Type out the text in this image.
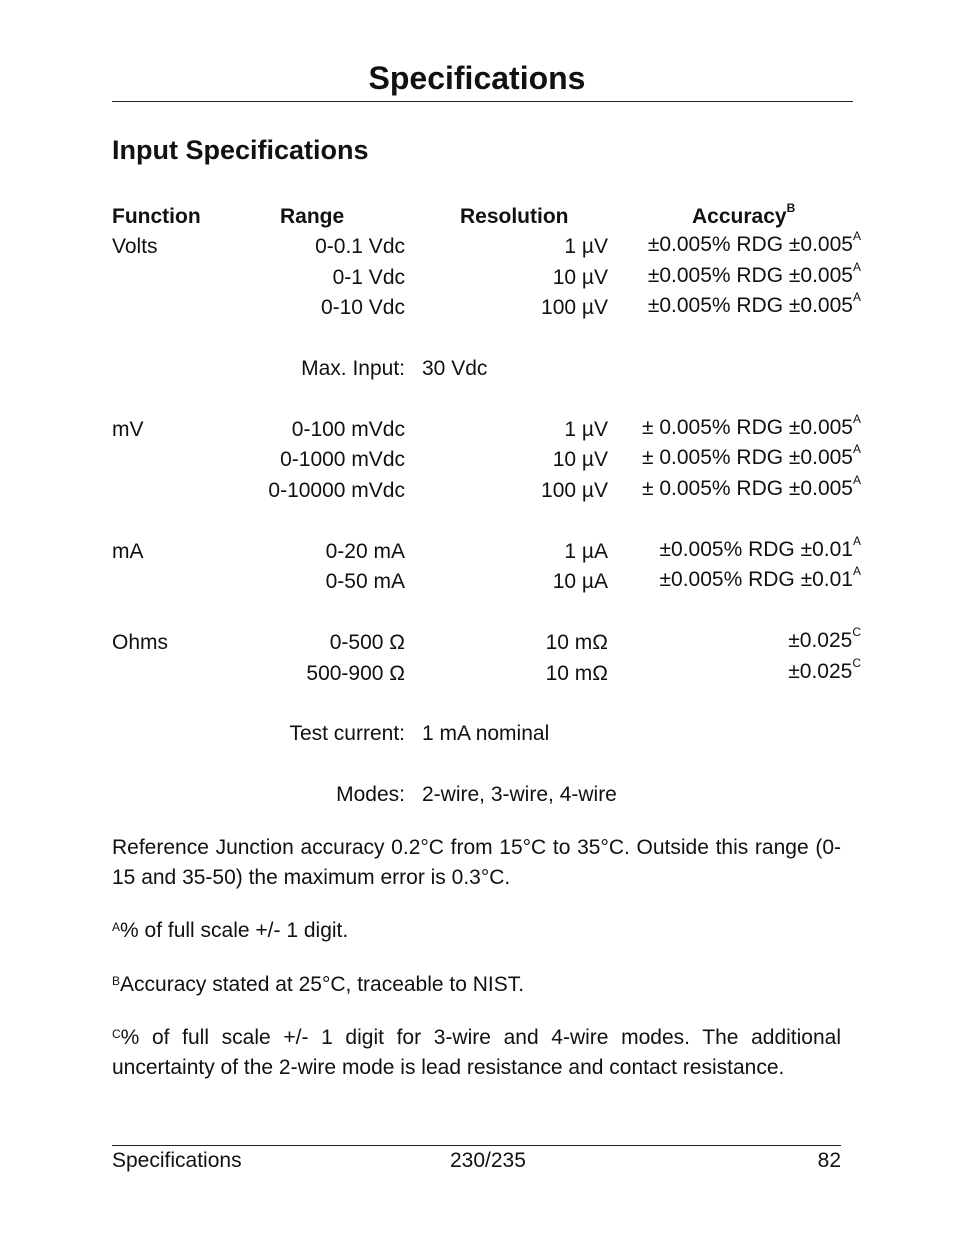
Specifications
Input Specifications
Function	Range	Resolution	Accuracy$^B$
Volts	0-0.1 Vdc	1 µV	±0.005% RDG $\pm 0.005^A$
0-1 Vdc	10 µV	±0.005% RDG $\pm 0.005^A$
0-10 Vdc	100 µV	±0.005% RDG $\pm 0.005^A$
Max. Input: 30 Vdc
mV	0-100 mVdc	1 µV	± 0.005% RDG $\pm 0.005^A$
0-1000 mVdc	10 µV	± 0.005% RDG $\pm 0.005^A$
0-10000 mVdc	100 µV	± 0.005% RDG $\pm 0.005^A$
mA	0-20 mA	1 µA	±0.005% RDG $\pm 0.01^A$
0-50 mA	10 µA	±0.005% RDG $\pm 0.01^A$
Ohms	0-500 Ω	10 mΩ	$\pm 0.025^C$
500-900 Ω	10 mΩ	$\pm 0.025^C$
Test current: 1 mA nominal
Modes: 2-wire, 3-wire, 4-wire
Reference Junction accuracy 0.2°C from 15°C to 35°C. Outside this range (0-15 and 35-50) the maximum error is 0.3°C.
$^A$% of full scale +/- 1 digit.
$^B$Accuracy stated at 25°C, traceable to NIST.
$^C$% of full scale +/- 1 digit for 3-wire and 4-wire modes. The additional uncertainty of the 2-wire mode is lead resistance and contact resistance.
Specifications	230/235	82
